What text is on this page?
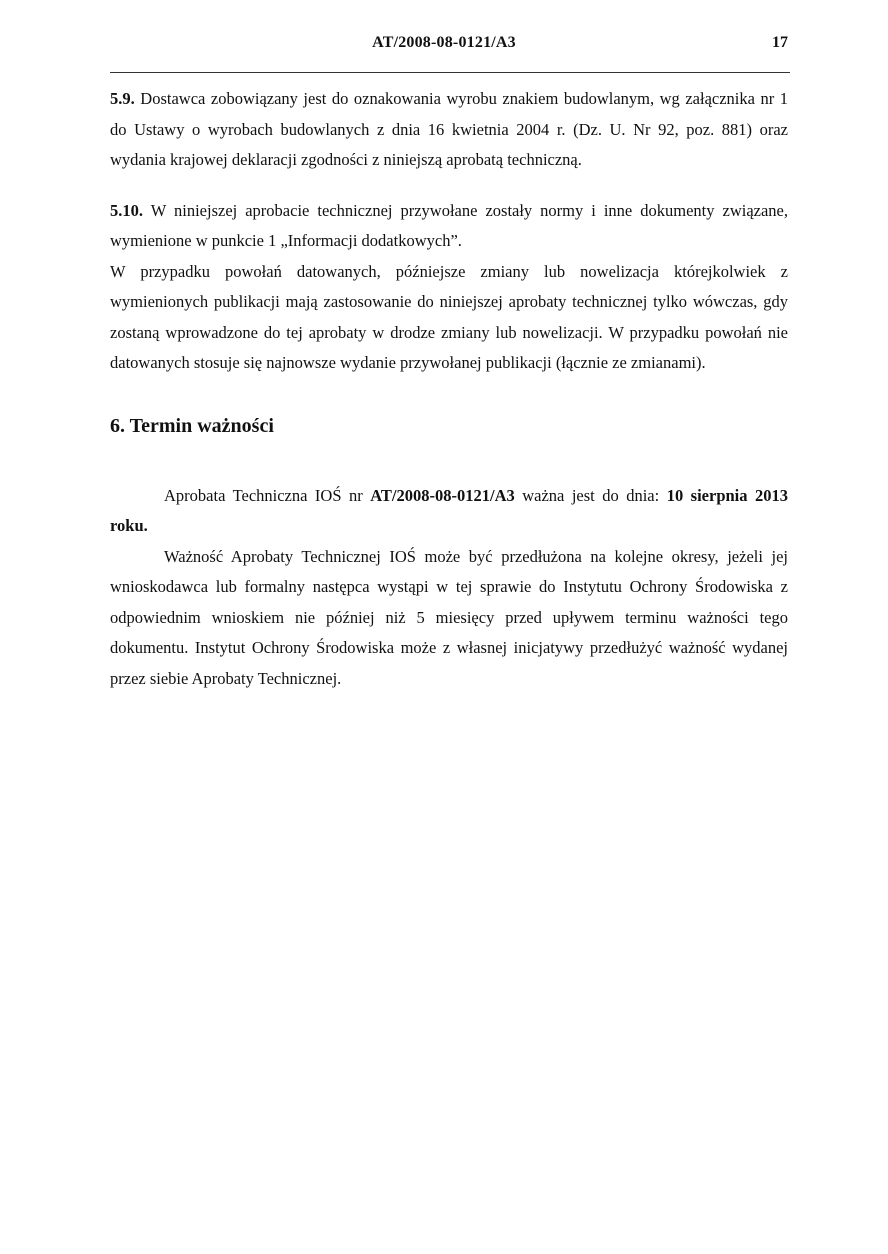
AT/2008-08-0121/A3	17

5.9. Dostawca zobowiązany jest do oznakowania wyrobu znakiem budowlanym, wg załącznika nr 1 do Ustawy o wyrobach budowlanych z dnia 16 kwietnia 2004 r. (Dz. U. Nr 92, poz. 881) oraz wydania krajowej deklaracji zgodności z niniejszą aprobatą techniczną.

5.10. W niniejszej aprobacie technicznej przywołane zostały normy i inne dokumenty związane, wymienione w punkcie 1 „Informacji dodatkowych”.

W przypadku powołań datowanych, późniejsze zmiany lub nowelizacja którejkolwiek z wymienionych publikacji mają zastosowanie do niniejszej aprobaty technicznej tylko wówczas, gdy zostaną wprowadzone do tej aprobaty w drodze zmiany lub nowelizacji. W przypadku powołań nie datowanych stosuje się najnowsze wydanie przywołanej publikacji (łącznie ze zmianami).

6. Termin ważności

Aprobata Techniczna IOŚ nr AT/2008-08-0121/A3 ważna jest do dnia: 10 sierpnia 2013 roku.

Ważność Aprobaty Technicznej IOŚ może być przedłużona na kolejne okresy, jeżeli jej wnioskodawca lub formalny następca wystąpi w tej sprawie do Instytutu Ochrony Środowiska z odpowiednim wnioskiem nie później niż 5 miesięcy przed upływem terminu ważności tego dokumentu. Instytut Ochrony Środowiska może z własnej inicjatywy przedłużyć ważność wydanej przez siebie Aprobaty Technicznej.
